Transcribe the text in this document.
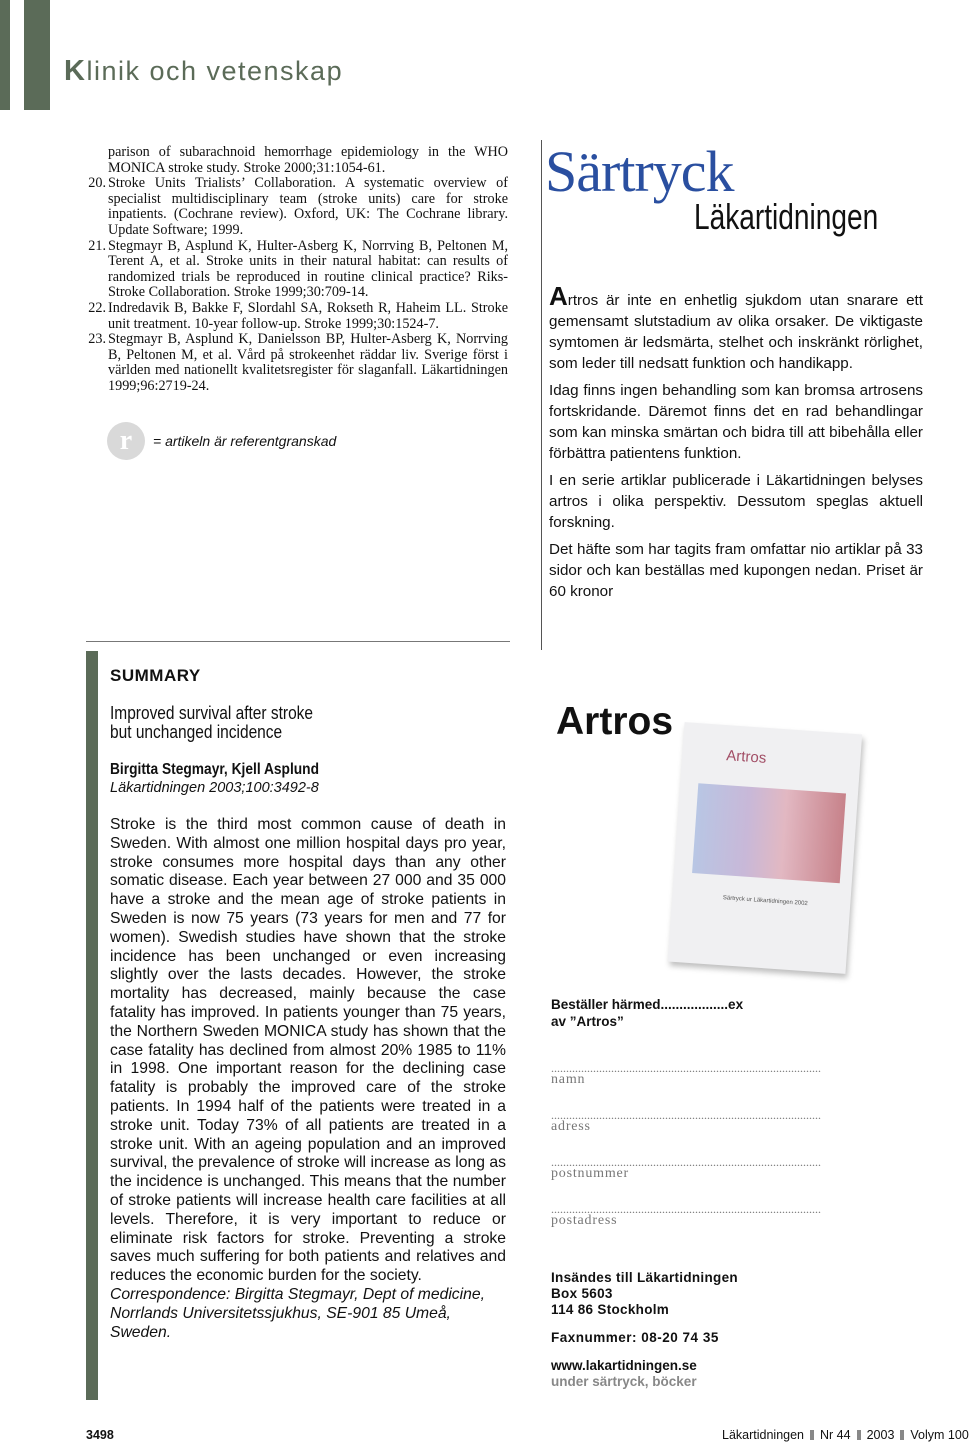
Klinik och vetenskap
parison of subarachnoid hemorrhage epidemiology in the WHO MONICA stroke study. Stroke 2000;31:1054-61.
20. Stroke Units Trialists’ Collaboration. A systematic overview of specialist multidisciplinary team (stroke units) care for stroke inpatients. (Cochrane review). Oxford, UK: The Cochrane library. Update Software; 1999.
21. Stegmayr B, Asplund K, Hulter-Asberg K, Norrving B, Peltonen M, Terent A, et al. Stroke units in their natural habitat: can results of randomized trials be reproduced in routine clinical practice? Riks-Stroke Collaboration. Stroke 1999;30:709-14.
22. Indredavik B, Bakke F, Slordahl SA, Rokseth R, Haheim LL. Stroke unit treatment. 10-year follow-up. Stroke 1999;30:1524-7.
23. Stegmayr B, Asplund K, Danielsson BP, Hulter-Asberg K, Norrving B, Peltonen M, et al. Vård på strokeenhet räddar liv. Sverige först i världen med nationellt kvalitetsregister för slaganfall. Läkartidningen 1999;96:2719-24.
r	= artikeln är referentgranskad
SUMMARY
Improved survival after stroke
but unchanged incidence
Birgitta Stegmayr, Kjell Asplund
Läkartidningen 2003;100:3492-8
Stroke is the third most common cause of death in Sweden. With almost one million hospital days pro year, stroke consumes more hospital days than any other somatic disease. Each year between 27 000 and 35 000 have a stroke and the mean age of stroke patients in Sweden is now 75 years (73 years for men and 77 for women). Swedish studies have shown that the stroke incidence has been unchanged or even increasing slightly over the lasts decades. However, the stroke mortality has decreased, mainly because the case fatality has improved. In patients younger than 75 years, the Northern Sweden MONICA study has shown that the case fatality has declined from almost 20% 1985 to 11% in 1998. One important reason for the declining case fatality is probably the improved care of the stroke patients. In 1994 half of the patients were treated in a stroke unit. Today 73% of all patients are treated in a stroke unit. With an ageing population and an improved survival, the prevalence of stroke will increase as long as the incidence is unchanged. This means that the number of stroke patients will increase health care facilities at all levels. Therefore, it is very important to reduce or eliminate risk factors for stroke. Preventing a stroke saves much suffering for both patients and relatives and reduces the economic burden for the society.
Correspondence: Birgitta Stegmayr, Dept of medicine, Norrlands Universitetssjukhus, SE-901 85 Umeå, Sweden.
Särtryck
Läkartidningen

Artros är inte en enhetlig sjukdom utan snarare ett gemensamt slutstadium av olika orsaker. De viktigaste symtomen är ledsmärta, stelhet och inskränkt rörlighet, som leder till nedsatt funktion och handikapp.

Idag finns ingen behandling som kan bromsa artrosens fortskridande. Däremot finns det en rad behandlingar som kan minska smärtan och bidra till att bibehålla eller förbättra patientens funktion.

I en serie artiklar publicerade i Läkartidningen belyses artros i olika perspektiv. Dessutom speglas aktuell forskning.

Det häfte som har tagits fram omfattar nio artiklar på 33 sidor och kan beställas med kupongen nedan. Priset är 60 kronor

Artros
Artros
Särtryck ur Läkartidningen 2002
Beställer härmed..................ex
av ”Artros”
..........................................................................................
namn
..........................................................................................
adress
..........................................................................................
postnummer
..........................................................................................
postadress
Insändes till Läkartidningen
Box 5603
114 86 Stockholm
Faxnummer: 08-20 74 35
www.lakartidningen.se
under särtryck, böcker
3498	Läkartidningen Nr 44 2003 Volym 100
